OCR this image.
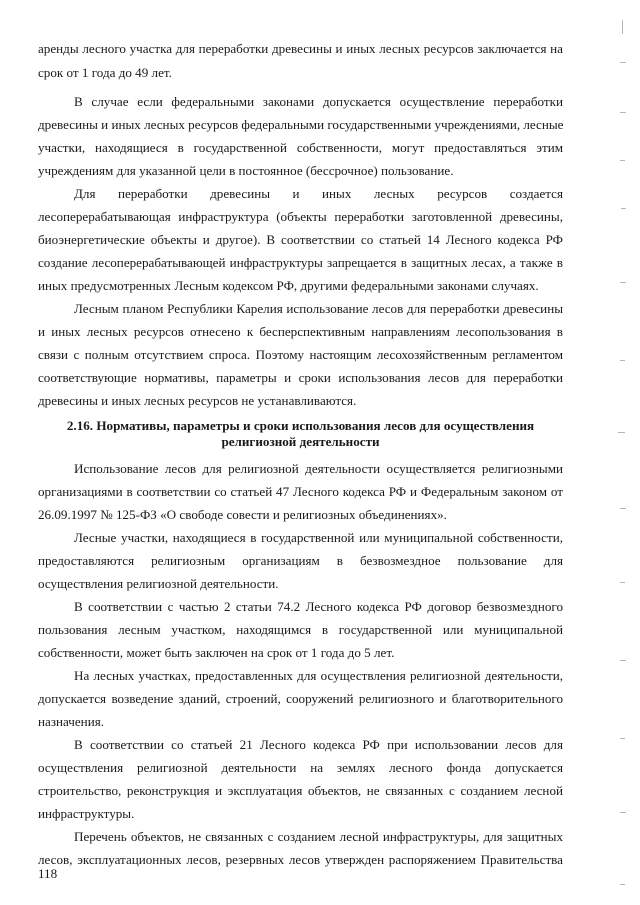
аренды лесного участка для переработки древесины и иных лесных ресурсов заключается на
срок от 1 года до 49 лет.
В случае если федеральными законами допускается осуществление переработки
древесины и иных лесных ресурсов федеральными государственными учреждениями, лесные
участки, находящиеся в государственной собственности, могут предоставляться этим
учреждениям для указанной цели в постоянное (бессрочное) пользование.
Для переработки древесины и иных лесных ресурсов создается
лесоперерабатывающая инфраструктура (объекты переработки заготовленной древесины,
биоэнергетические объекты и другое). В соответствии со статьей 14 Лесного кодекса РФ
создание лесоперерабатывающей инфраструктуры запрещается в защитных лесах, а также в
иных предусмотренных Лесным кодексом РФ, другими федеральными законами случаях.
Лесным планом Республики Карелия использование лесов для переработки древесины
и иных лесных ресурсов отнесено к бесперспективным направлениям лесопользования в
связи с полным отсутствием спроса. Поэтому настоящим лесохозяйственным регламентом
соответствующие нормативы, параметры и сроки использования лесов для переработки
древесины и иных лесных ресурсов не устанавливаются.
2.16. Нормативы, параметры и сроки использования лесов для осуществления
религиозной деятельности
Использование лесов для религиозной деятельности осуществляется религиозными
организациями в соответствии со статьей 47 Лесного кодекса РФ и Федеральным законом от
26.09.1997 № 125-ФЗ «О свободе совести и религиозных объединениях».
Лесные участки, находящиеся в государственной или муниципальной собственности,
предоставляются религиозным организациям в безвозмездное пользование для
осуществления религиозной деятельности.
В соответствии с частью 2 статьи 74.2 Лесного кодекса РФ договор безвозмездного
пользования лесным участком, находящимся в государственной или муниципальной
собственности, может быть заключен на срок от 1 года до 5 лет.
На лесных участках, предоставленных для осуществления религиозной деятельности,
допускается возведение зданий, строений, сооружений религиозного и благотворительного
назначения.
В соответствии со статьей 21 Лесного кодекса РФ при использовании лесов для
осуществления религиозной деятельности на землях лесного фонда допускается
строительство, реконструкция и эксплуатация объектов, не связанных с созданием лесной
инфраструктуры.
Перечень объектов, не связанных с созданием лесной инфраструктуры, для защитных
лесов, эксплуатационных лесов, резервных лесов утвержден распоряжением Правительства
118
